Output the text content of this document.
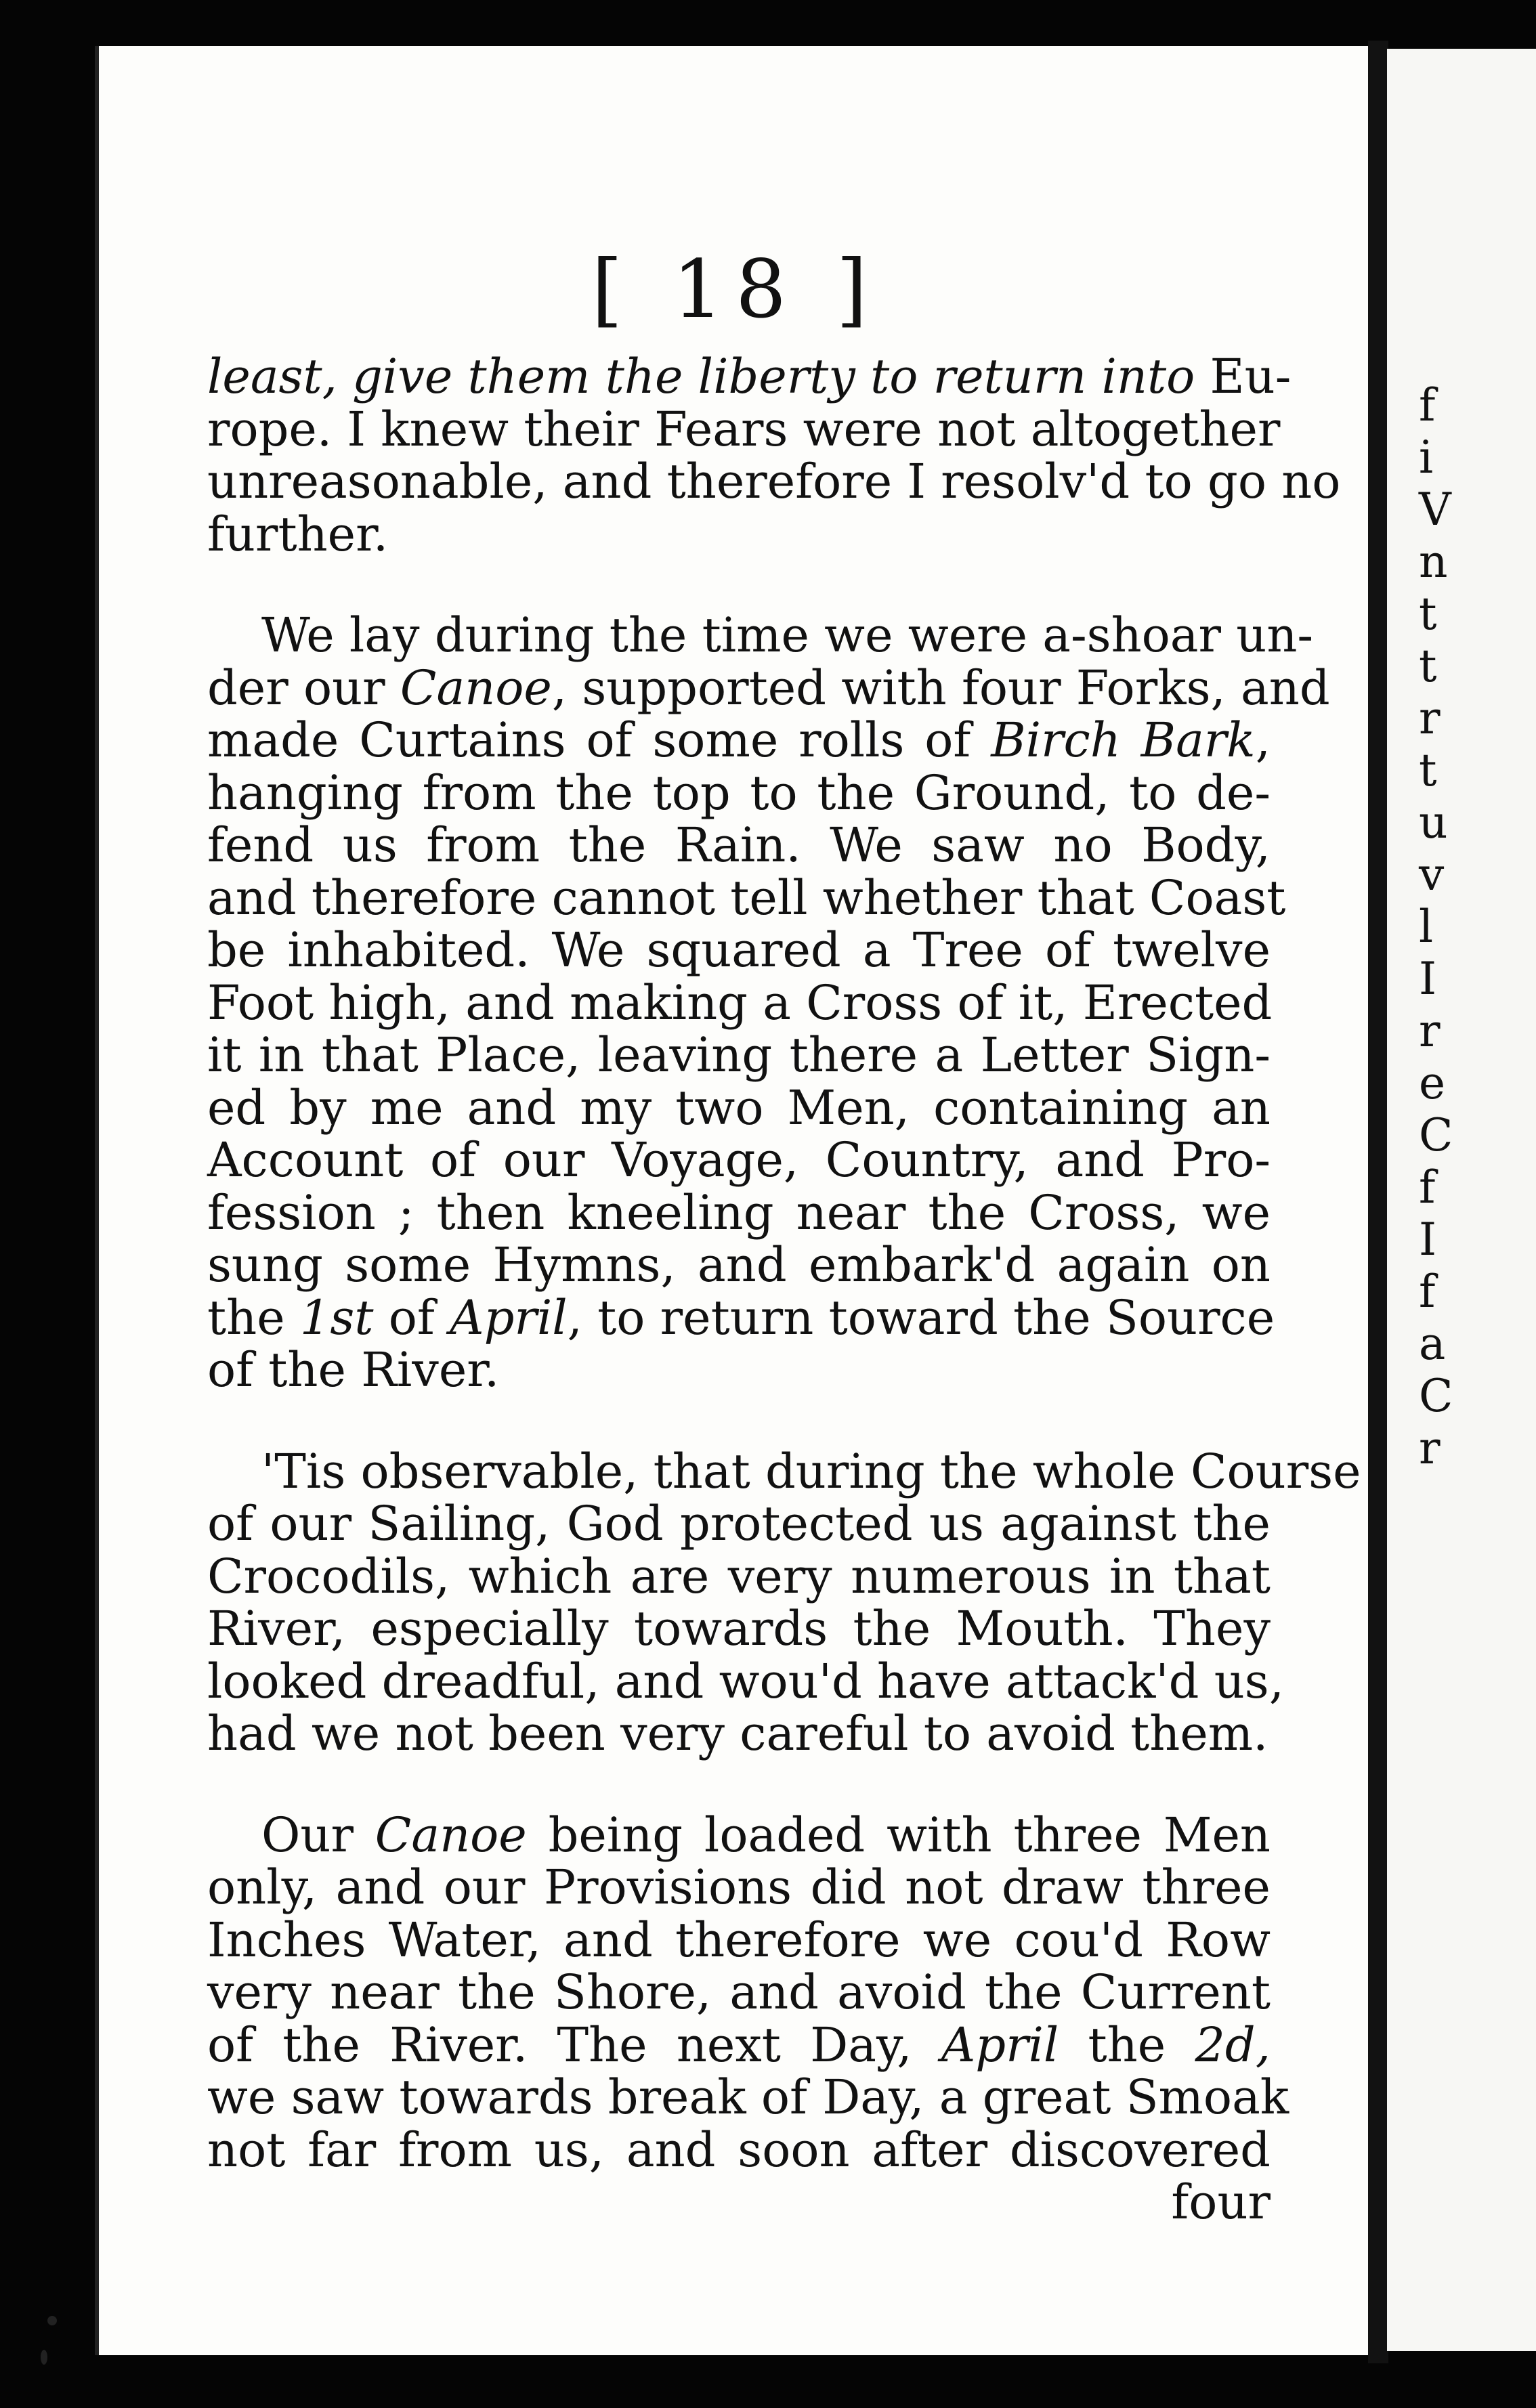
[ 18 ]
least, give them the liberty to return into Eu-
rope. I knew their Fears were not altogether
unreasonable, and therefore I resolv'd to go no
further.
We lay during the time we were a-shoar un-
der our Canoe, supported with four Forks, and
made Curtains of some rolls of Birch Bark,
hanging from the top to the Ground, to de-
fend us from the Rain. We saw no Body,
and therefore cannot tell whether that Coast
be inhabited. We squared a Tree of twelve
Foot high, and making a Cross of it, Erected
it in that Place, leaving there a Letter Sign-
ed by me and my two Men, containing an
Account of our Voyage, Country, and Pro-
fession ; then kneeling near the Cross, we
sung some Hymns, and embark'd again on
the 1st of April, to return toward the Source
of the River.
'Tis observable, that during the whole Course
of our Sailing, God protected us against the
Crocodils, which are very numerous in that
River, especially towards the Mouth. They
looked dreadful, and wou'd have attack'd us,
had we not been very careful to avoid them.
Our Canoe being loaded with three Men
only, and our Provisions did not draw three
Inches Water, and therefore we cou'd Row
very near the Shore, and avoid the Current
of the River. The next Day, April the 2d,
we saw towards break of Day, a great Smoak
not far from us, and soon after discovered
four
f
i
V
n
t
t
r
t
u
v
l
I
r
e
C
f
I
f
a
C
r
